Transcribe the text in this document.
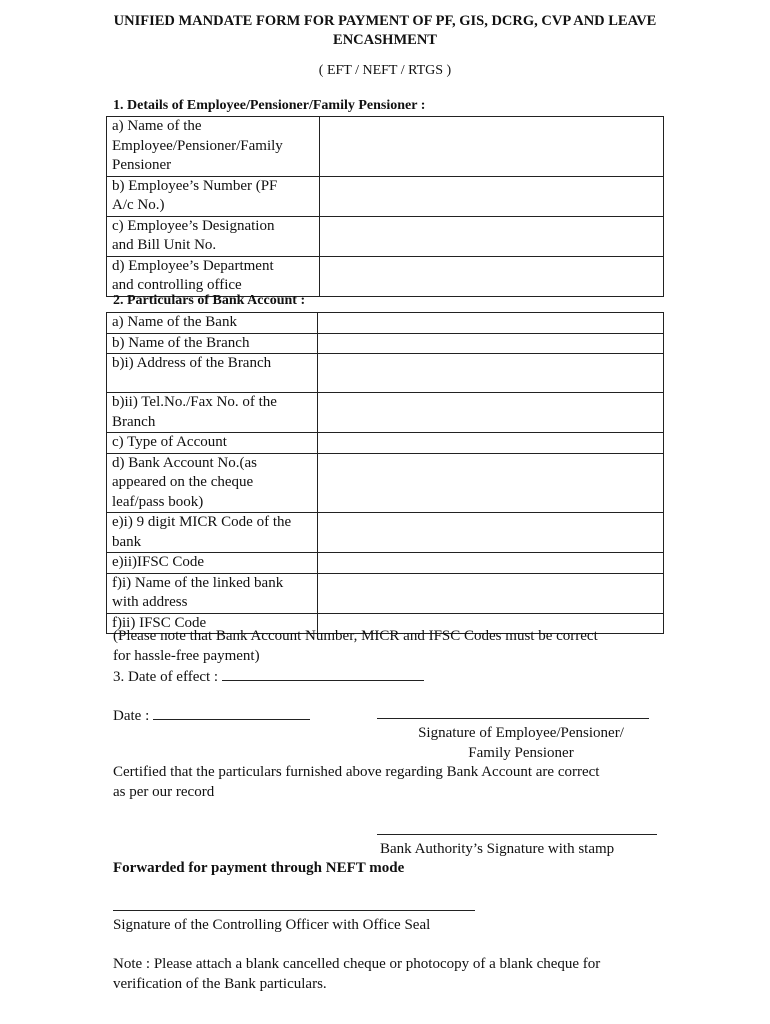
UNIFIED MANDATE FORM FOR PAYMENT OF PF, GIS, DCRG, CVP AND LEAVE
ENCASHMENT
( EFT / NEFT / RTGS )
1. Details of Employee/Pensioner/Family Pensioner :
a) Name of the
Employee/Pensioner/Family
Pensioner	

b) Employee’s Number (PF
A/c No.)	

c) Employee’s Designation
and Bill Unit No.	

d) Employee’s Department
and controlling office	

2. Particulars of Bank Account :
a) Name of the Bank	

b) Name of the Branch	

b)i) Address of the Branch	

b)ii) Tel.No./Fax No. of the
Branch	

c) Type of Account	

d) Bank Account No.(as
appeared on the cheque
leaf/pass book)	

e)i) 9 digit MICR Code of the
bank	

e)ii)IFSC Code	

f)i) Name of the linked bank
with address	

f)ii) IFSC Code	

(Please note that Bank Account Number, MICR and IFSC Codes must be correct
for hassle-free payment)
3. Date of effect :
Date :
Signature of Employee/Pensioner/
Family Pensioner
Certified that the particulars furnished above regarding Bank Account are correct
as per our record
Bank Authority’s Signature with stamp
Forwarded for payment through NEFT mode
Signature of the Controlling Officer with Office Seal
Note : Please attach a blank cancelled cheque or photocopy of a blank cheque for
verification of the Bank particulars.
